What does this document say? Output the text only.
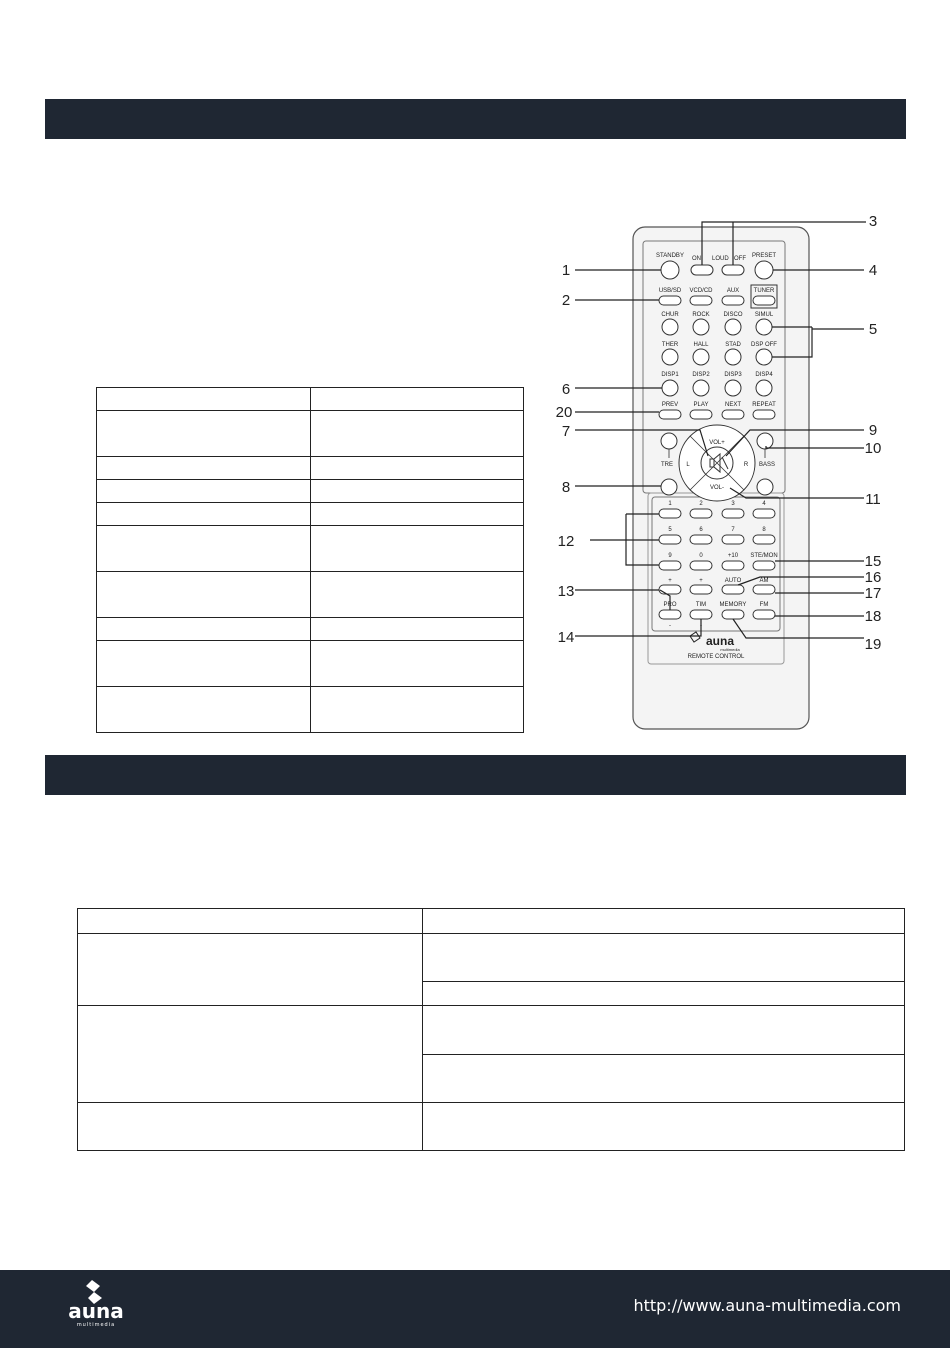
STANDBY ON LOUD OFF PRESET
USB/SD VCD/CD AUX TUNER
CHUR ROCK DISCO SIMUL
THER	HALL	STAD DSP OFF
DISP1 DISP2 DISP3 DISP4
PREV	PLAY	NEXT REPEAT
VOL+
VOL-
L	R
TRE	BASS
1	2	3	4
5	6	7	8
9	0	+10 STE/MON
+	+	AUTO	AM
PRO
-
TIM
-
MEMORY FM
auna
multimedia
REMOTE CONTROL
1
2
3
4
5
6
20
7	9
10
8
11
12
15
16
13	17
18
14	19
http://www.auna-multimedia.com
auna
multimedia
